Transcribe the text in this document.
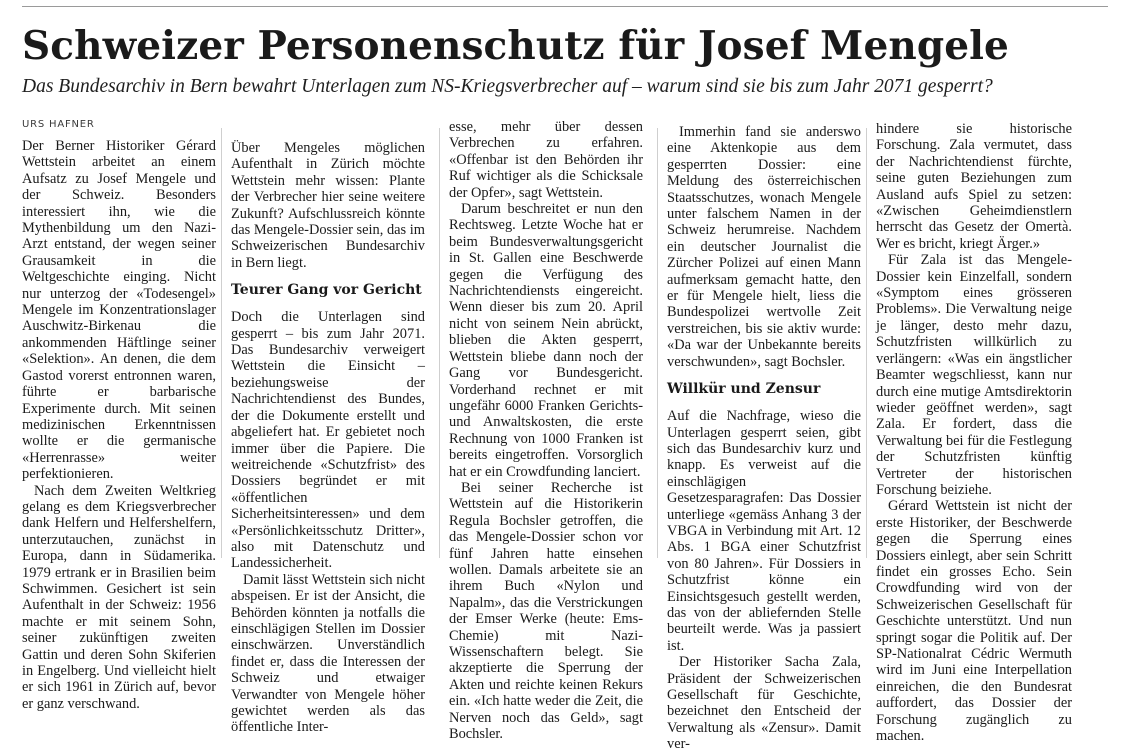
Schweizer Personenschutz für Josef Mengele

Das Bundesarchiv in Bern bewahrt Unterlagen zum NS-Kriegsverbrecher auf – warum sind sie bis zum Jahr 2071 gesperrt?

URS HAFNER

Der Berner Historiker Gérard Wettstein arbeitet an einem Aufsatz zu Josef Mengele und der Schweiz. Besonders interessiert ihn, wie die Mythenbildung um den Nazi-Arzt entstand, der wegen seiner Grausamkeit in die Weltgeschichte einging. Nicht nur unterzog der «Todesengel» Mengele im Konzentrationslager Auschwitz-Birkenau die ankommenden Häftlinge seiner «Selektion». An denen, die dem Gastod vorerst entronnen waren, führte er barbarische Experimente durch. Mit seinen medizinischen Erkenntnissen wollte er die germanische «Herrenrasse» weiter perfektionieren.

Nach dem Zweiten Weltkrieg gelang es dem Kriegsverbrecher dank Helfern und Helfershelfern, unterzutauchen, zunächst in Europa, dann in Südamerika. 1979 ertrank er in Brasilien beim Schwimmen. Gesichert ist sein Aufenthalt in der Schweiz: 1956 machte er mit seinem Sohn, seiner zukünftigen zweiten Gattin und deren Sohn Skiferien in Engelberg. Und vielleicht hielt er sich 1961 in Zürich auf, bevor er ganz verschwand.

Über Mengeles möglichen Aufenthalt in Zürich möchte Wettstein mehr wissen: Plante der Verbrecher hier seine weitere Zukunft? Aufschlussreich könnte das Mengele-Dossier sein, das im Schweizerischen Bundesarchiv in Bern liegt.

Teurer Gang vor Gericht

Doch die Unterlagen sind gesperrt – bis zum Jahr 2071. Das Bundesarchiv verweigert Wettstein die Einsicht – beziehungsweise der Nachrichtendienst des Bundes, der die Dokumente erstellt und abgeliefert hat. Er gebietet noch immer über die Papiere. Die weitreichende «Schutzfrist» des Dossiers begründet er mit «öffentlichen Sicherheitsinteressen» und dem «Persönlichkeitsschutz Dritter», also mit Datenschutz und Landessicherheit.

Damit lässt Wettstein sich nicht abspeisen. Er ist der Ansicht, die Behörden könnten ja notfalls die einschlägigen Stellen im Dossier einschwärzen. Unverständlich findet er, dass die Interessen der Schweiz und etwaiger Verwandter von Mengele höher gewichtet werden als das öffentliche Inter-

esse, mehr über dessen Verbrechen zu erfahren. «Offenbar ist den Behörden ihr Ruf wichtiger als die Schicksale der Opfer», sagt Wettstein.

Darum beschreitet er nun den Rechtsweg. Letzte Woche hat er beim Bundesverwaltungsgericht in St. Gallen eine Beschwerde gegen die Verfügung des Nachrichtendiensts eingereicht. Wenn dieser bis zum 20. April nicht von seinem Nein abrückt, blieben die Akten gesperrt, Wettstein bliebe dann noch der Gang vor Bundesgericht. Vorderhand rechnet er mit ungefähr 6000 Franken Gerichts- und Anwaltskosten, die erste Rechnung von 1000 Franken ist bereits eingetroffen. Vorsorglich hat er ein Crowdfunding lanciert.

Bei seiner Recherche ist Wettstein auf die Historikerin Regula Bochsler getroffen, die das Mengele-Dossier schon vor fünf Jahren hatte einsehen wollen. Damals arbeitete sie an ihrem Buch «Nylon und Napalm», das die Verstrickungen der Emser Werke (heute: Ems-Chemie) mit Nazi-Wissenschaftern belegt. Sie akzeptierte die Sperrung der Akten und reichte keinen Rekurs ein. «Ich hatte weder die Zeit, die Nerven noch das Geld», sagt Bochsler.

Immerhin fand sie anderswo eine Aktenkopie aus dem gesperrten Dossier: eine Meldung des österreichischen Staatsschutzes, wonach Mengele unter falschem Namen in der Schweiz herumreise. Nachdem ein deutscher Journalist die Zürcher Polizei auf einen Mann aufmerksam gemacht hatte, den er für Mengele hielt, liess die Bundespolizei wertvolle Zeit verstreichen, bis sie aktiv wurde: «Da war der Unbekannte bereits verschwunden», sagt Bochsler.

Willkür und Zensur

Auf die Nachfrage, wieso die Unterlagen gesperrt seien, gibt sich das Bundesarchiv kurz und knapp. Es verweist auf die einschlägigen Gesetzesparagrafen: Das Dossier unterliege «gemäss Anhang 3 der VBGA in Verbindung mit Art. 12 Abs. 1 BGA einer Schutzfrist von 80 Jahren». Für Dossiers in Schutzfrist könne ein Einsichtsgesuch gestellt werden, das von der abliefernden Stelle beurteilt werde. Was ja passiert ist.

Der Historiker Sacha Zala, Präsident der Schweizerischen Gesellschaft für Geschichte, bezeichnet den Entscheid der Verwaltung als «Zensur». Damit ver-

hindere sie historische Forschung. Zala vermutet, dass der Nachrichtendienst fürchte, seine guten Beziehungen zum Ausland aufs Spiel zu setzen: «Zwischen Geheimdienstlern herrscht das Gesetz der Omertà. Wer es bricht, kriegt Ärger.»

Für Zala ist das Mengele-Dossier kein Einzelfall, sondern «Symptom eines grösseren Problems». Die Verwaltung neige je länger, desto mehr dazu, Schutzfristen willkürlich zu verlängern: «Was ein ängstlicher Beamter wegschliesst, kann nur durch eine mutige Amtsdirektorin wieder geöffnet werden», sagt Zala. Er fordert, dass die Verwaltung bei für die Festlegung der Schutzfristen künftig Vertreter der historischen Forschung beiziehe.

Gérard Wettstein ist nicht der erste Historiker, der Beschwerde gegen die Sperrung eines Dossiers einlegt, aber sein Schritt findet ein grosses Echo. Sein Crowdfunding wird von der Schweizerischen Gesellschaft für Geschichte unterstützt. Und nun springt sogar die Politik auf. Der SP-Nationalrat Cédric Wermuth wird im Juni eine Interpellation einreichen, die den Bundesrat auffordert, das Dossier der Forschung zugänglich zu machen.
